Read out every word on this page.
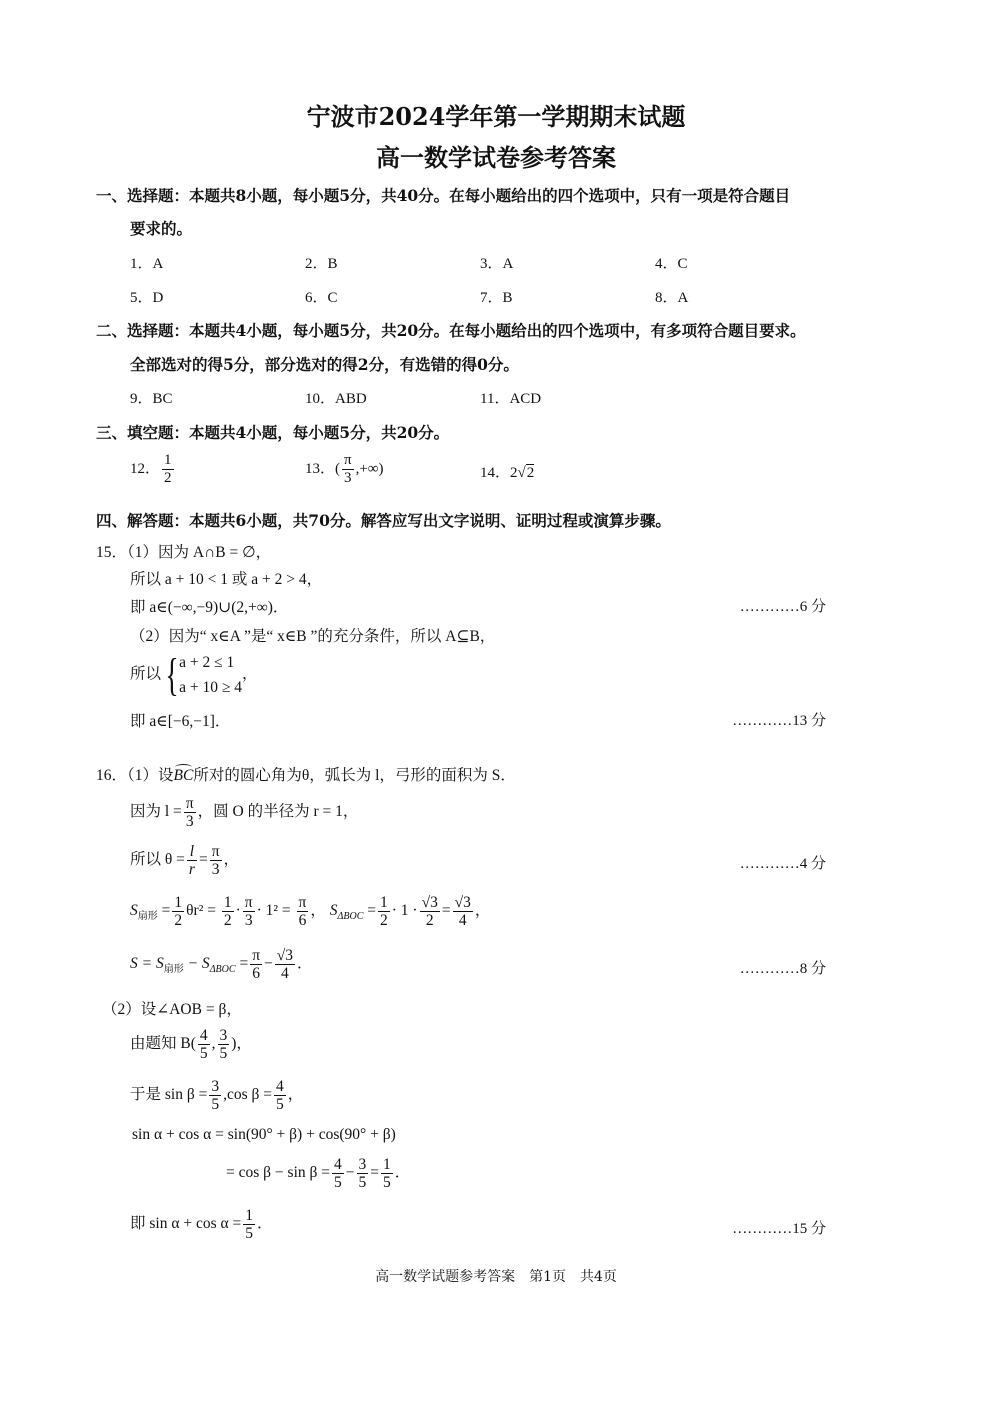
宁波市2024学年第一学期期末试题
高一数学试卷参考答案
一、选择题：本题共8小题，每小题5分，共40分。在每小题给出的四个选项中，只有一项是符合题目
要求的。
1．A	2．B	3．A	4．C
5．D	6．C	7．B	8．A
二、选择题：本题共4小题，每小题5分，共20分。在每小题给出的四个选项中，有多项符合题目要求。
全部选对的得5分，部分选对的得2分，有选错的得0分。
9．BC	10．ABD	11．ACD
三、填空题：本题共4小题，每小题5分，共20分。
12． $\frac{1}{2}$	13．( $\frac{\pi}{3}$ ,+∞)	14．2√2
四、解答题：本题共6小题，共70分。解答应写出文字说明、证明过程或演算步骤。
15．（1）因为 A∩B = ∅，
所以 a + 10 < 1 或 a + 2 > 4，
即 a∈(−∞,−9)∪(2,+∞)．	…………6 分
（2）因为“ x∈A ”是“ x∈B ”的充分条件，所以 A⊆B，
所以{ a + 2 ≤ 1
a + 10 ≥ 4
，
即 a∈[−6,−1]．	…………13 分
16．（1）设BC所对的圆心角为θ，弧长为 l，弓形的面积为 S．
因为 $l = \frac{\pi}{3}$ ，圆 O 的半径为 r = 1，
所以 $\theta = \frac{l}{r} = \frac{\pi}{3}$ ，	…………4 分
$S_{扇形} = \frac{1}{2} \theta r^2 = \frac{1}{2} \cdot \frac{\pi}{3} \cdot 1^2 = \frac{\pi}{6}$ ， $S_{\Delta BOC} = \frac{1}{2} \cdot 1 \cdot \frac{√3}{2} = \frac{√3}{4}$ ，
$S = S_{扇形} - S_{\Delta BOC} = \frac{\pi}{6} - \frac{√3}{4}$ ．	…………8 分
（2）设∠AOB = β，
由题知 $B( \frac{4}{5}$ , $\frac{3}{5}$ )，
于是 $\sin \beta = \frac{3}{5} ,\cos$ $\beta = \frac{4}{5}$ ，
sin α + cos α = sin(90° + β) + cos(90° + β)
= $\cos \beta - \sin \beta = \frac{4}{5} - \frac{3}{5} = \frac{1}{5}$ ．
即 $\sin \alpha + \cos \alpha = \frac{1}{5}$ ．	…………15 分
高一数学试题参考答案　第1页　共4页
